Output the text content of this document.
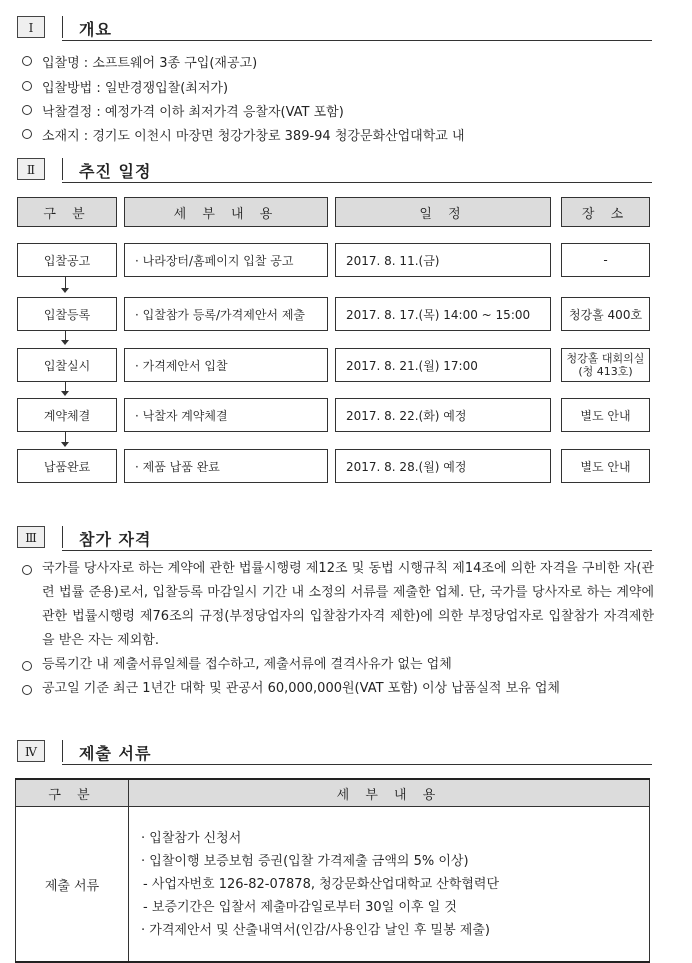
Ⅰ	개요
입찰명 : 소프트웨어 3종 구입(재공고)
입찰방법 : 일반경쟁입찰(최저가)
낙찰결정 : 예정가격 이하 최저가격 응찰자(VAT 포함)
소재지 : 경기도 이천시 마장면 청강가창로 389-94 청강문화산업대학교 내
Ⅱ	추진 일정
구 분	세 부 내 용	일 정	장 소
입찰공고	· 나라장터/홈페이지 입찰 공고	2017. 8. 11.(금)	-
입찰등록	· 입찰참가 등록/가격제안서 제출	2017. 8. 17.(목) 14:00 ~ 15:00	청강홀 400호
입찰실시	· 가격제안서 입찰	2017. 8. 21.(월) 17:00	청강홀 대회의실
(청 413호)
계약체결	· 낙찰자 계약체결	2017. 8. 22.(화) 예정	별도 안내
납품완료	· 제품 납품 완료	2017. 8. 28.(월) 예정	별도 안내
Ⅲ	참가 자격
국가를 당사자로 하는 계약에 관한 법률시행령 제12조 및 동법 시행규칙 제14조에 의한 자격을 구비한 자(관련 법률 준용)로서, 입찰등록 마감일시 기간 내 소정의 서류를 제출한 업체. 단, 국가를 당사자로 하는 계약에 관한 법률시행령 제76조의 규정(부정당업자의 입찰참가자격 제한)에 의한 부정당업자로 입찰참가 자격제한을 받은 자는 제외함.
등록기간 내 제출서류일체를 접수하고, 제출서류에 결격사유가 없는 업체
공고일 기준 최근 1년간 대학 및 관공서 60,000,000원(VAT 포함) 이상 납품실적 보유 업체
Ⅳ	제출 서류
구 분	세 부 내 용
제출 서류	· 입찰참가 신청서
· 입찰이행 보증보험 증권(입찰 가격제출 금액의 5% 이상)
- 사업자번호 126-82-07878, 청강문화산업대학교 산학협력단
- 보증기간은 입찰서 제출마감일로부터 30일 이후 일 것
· 가격제안서 및 산출내역서(인감/사용인감 날인 후 밀봉 제출)
